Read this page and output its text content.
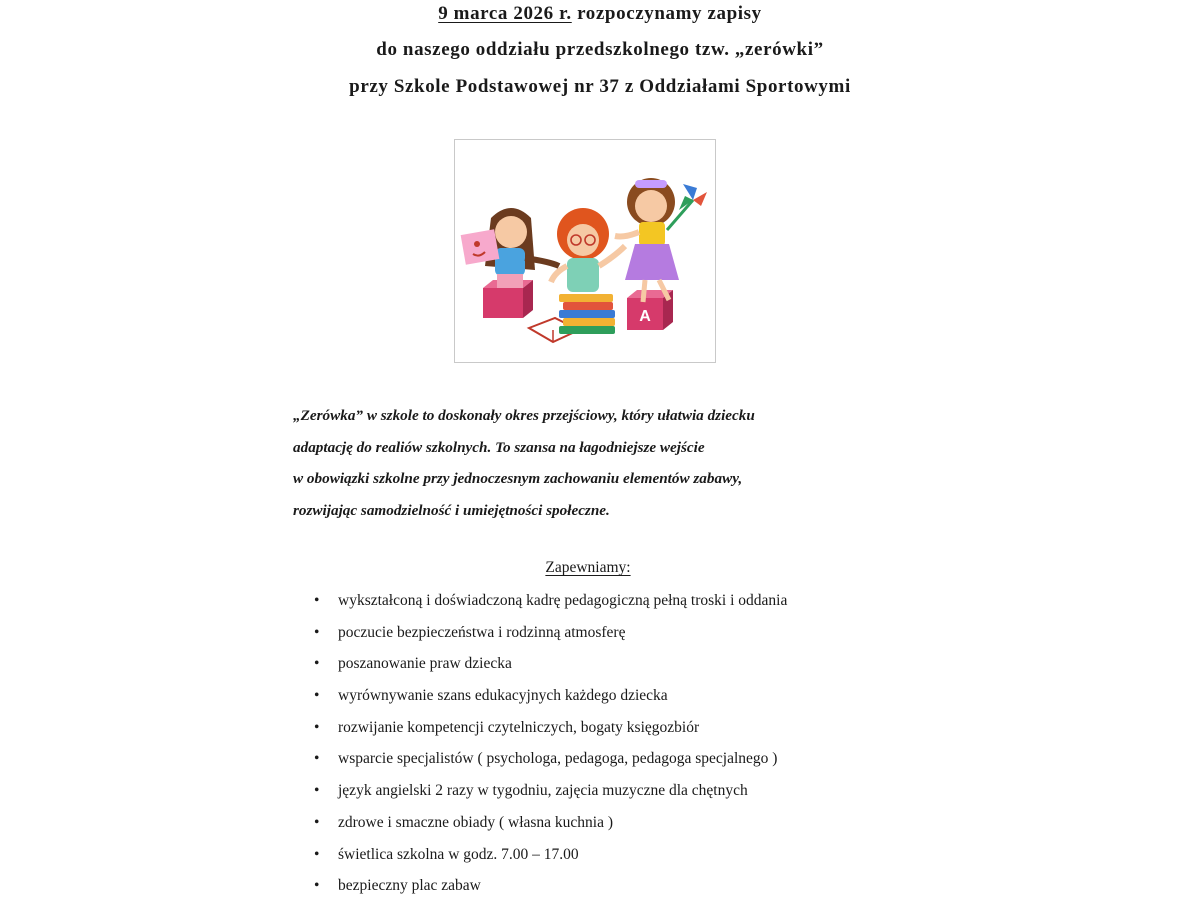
9 marca 2026 r. rozpoczynamy zapisy
do naszego oddziału przedszkolnego tzw. „zerówki”
przy Szkole Podstawowej nr 37 z Oddziałami Sportowymi
A
„Zerówka” w szkole to doskonały okres przejściowy, który ułatwia dziecku
adaptację do realiów szkolnych. To szansa na łagodniejsze wejście
w obowiązki szkolne przy jednoczesnym zachowaniu elementów zabawy,
rozwijając samodzielność i umiejętności społeczne.
Zapewniamy:
• wykształconą i doświadczoną kadrę pedagogiczną pełną troski i oddania
• poczucie bezpieczeństwa i rodzinną atmosferę
• poszanowanie praw dziecka
• wyrównywanie szans edukacyjnych każdego dziecka
• rozwijanie kompetencji czytelniczych, bogaty księgozbiór
• wsparcie specjalistów ( psychologa, pedagoga, pedagoga specjalnego )
• język angielski 2 razy w tygodniu, zajęcia muzyczne dla chętnych
• zdrowe i smaczne obiady ( własna kuchnia )
• świetlica szkolna w godz. 7.00 – 17.00
• bezpieczny plac zabaw
